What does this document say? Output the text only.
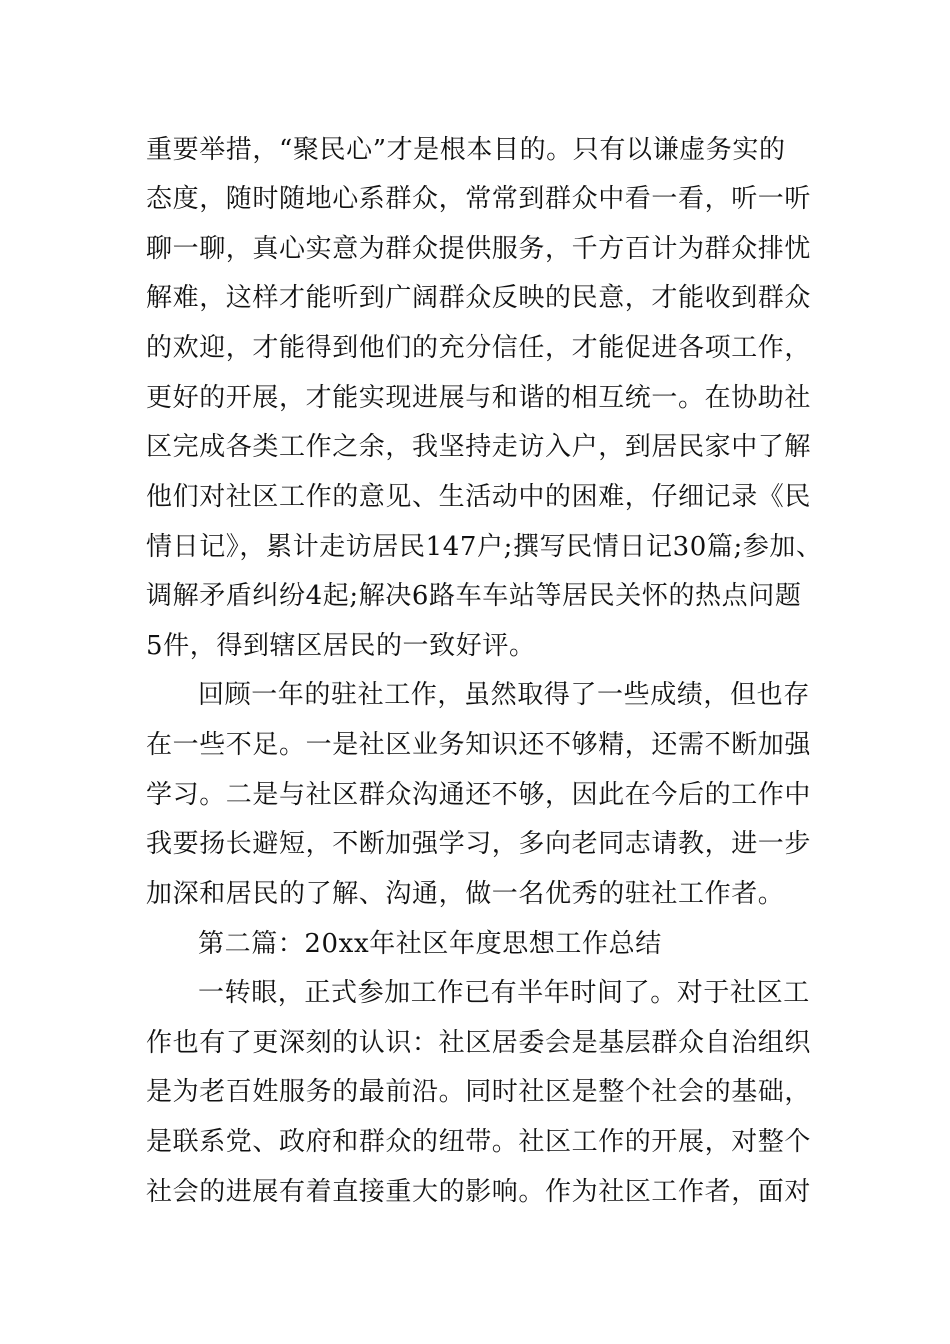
重要举措，“聚民心”才是根本目的。只有以谦虚务实的
态度，随时随地心系群众，常常到群众中看一看，听一听
聊一聊，真心实意为群众提供服务，千方百计为群众排忧
解难，这样才能听到广阔群众反映的民意，才能收到群众
的欢迎，才能得到他们的充分信任，才能促进各项工作，
更好的开展，才能实现进展与和谐的相互统一。在协助社
区完成各类工作之余，我坚持走访入户，到居民家中了解
他们对社区工作的意见、生活动中的困难，仔细记录《民
情日记》，累计走访居民147户;撰写民情日记30篇;参加、
调解矛盾纠纷4起;解决6路车车站等居民关怀的热点问题
5件，得到辖区居民的一致好评。
回顾一年的驻社工作，虽然取得了一些成绩，但也存
在一些不足。一是社区业务知识还不够精，还需不断加强
学习。二是与社区群众沟通还不够，因此在今后的工作中
我要扬长避短，不断加强学习，多向老同志请教，进一步
加深和居民的了解、沟通，做一名优秀的驻社工作者。
第二篇：20xx年社区年度思想工作总结
一转眼，正式参加工作已有半年时间了。对于社区工
作也有了更深刻的认识：社区居委会是基层群众自治组织
是为老百姓服务的最前沿。同时社区是整个社会的基础，
是联系党、政府和群众的纽带。社区工作的开展，对整个
社会的进展有着直接重大的影响。作为社区工作者，面对
